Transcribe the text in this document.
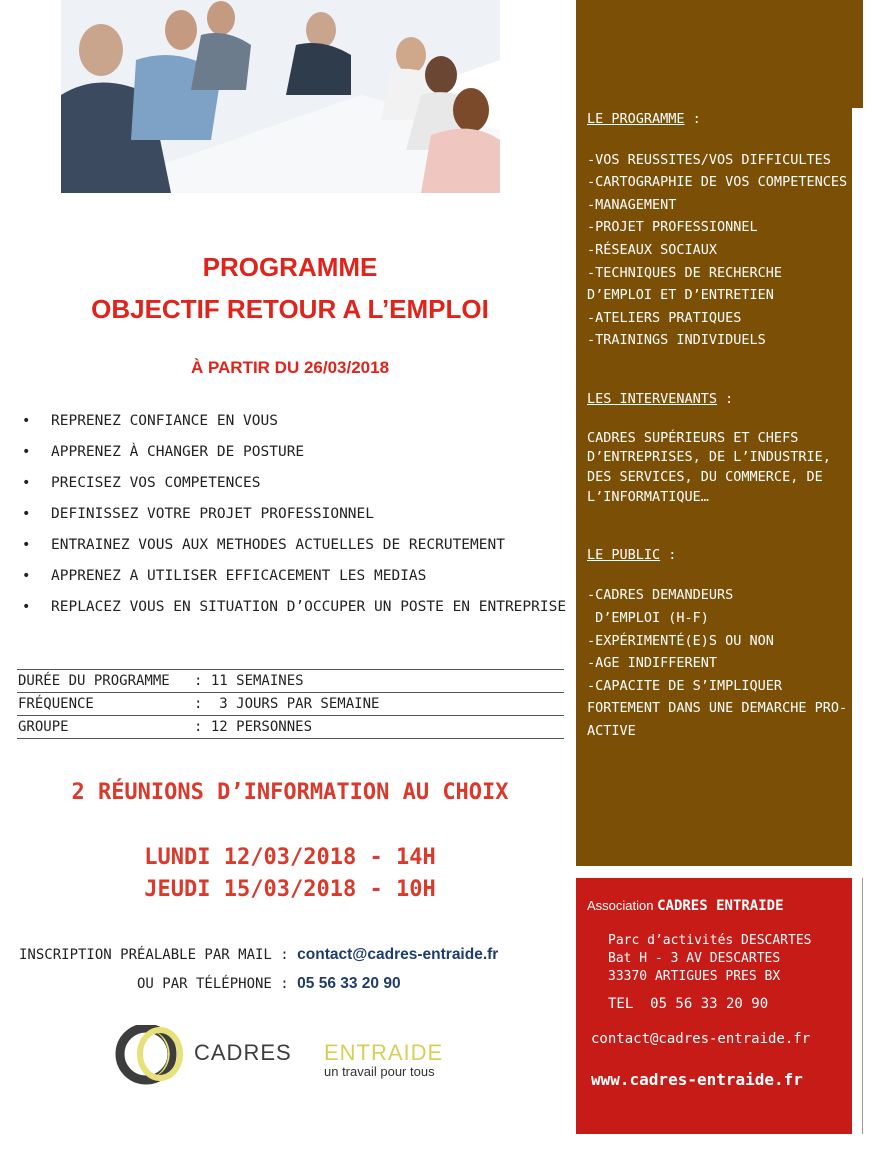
PROGRAMME
OBJECTIF RETOUR A L’EMPLOI
À PARTIR DU 26/03/2018
• REPRENEZ CONFIANCE EN VOUS
• APPRENEZ À CHANGER DE POSTURE
• PRECISEZ VOS COMPETENCES
• DEFINISSEZ VOTRE PROJET PROFESSIONNEL
• ENTRAINEZ VOUS AUX METHODES ACTUELLES DE RECRUTEMENT
• APPRENEZ A UTILISER EFFICACEMENT LES MEDIAS
• REPLACEZ VOUS EN SITUATION D’OCCUPER UN POSTE EN ENTREPRISE
DURÉE DU PROGRAMME : 11 SEMAINES
FRÉQUENCE	:  3 JOURS PAR SEMAINE
GROUPE	: 12 PERSONNES
2 RÉUNIONS D’INFORMATION AU CHOIX
LUNDI 12/03/2018 - 14H
JEUDI 15/03/2018 - 10H
INSCRIPTION PRÉALABLE PAR MAIL : contact@cadres-entraide.fr
OU PAR TÉLÉPHONE : 05 56 33 20 90
CADRES ENTRAIDE
un travail pour tous

LE PROGRAMME :

-VOS REUSSITES/VOS DIFFICULTES

-CARTOGRAPHIE DE VOS COMPETENCES

-MANAGEMENT

-PROJET PROFESSIONNEL

-RÉSEAUX SOCIAUX

-TECHNIQUES DE RECHERCHE D’EMPLOI ET D’ENTRETIEN

-ATELIERS PRATIQUES

-TRAININGS INDIVIDUELS

LES INTERVENANTS :

CADRES SUPÉRIEURS ET CHEFS D’ENTREPRISES, DE L’INDUSTRIE, DES SERVICES, DU COMMERCE, DE L’INFORMATIQUE…

LE PUBLIC :

-CADRES DEMANDEURS

D’EMPLOI (H-F)

-EXPÉRIMENTÉ(E)S OU NON

-AGE INDIFFERENT

-CAPACITE DE S’IMPLIQUER FORTEMENT DANS UNE DEMARCHE PRO-ACTIVE

Association CADRES ENTRAIDE
Parc d’activités DESCARTES
Bat H - 3 AV DESCARTES
33370 ARTIGUES PRES BX
TEL  05 56 33 20 90
contact@cadres-entraide.fr
www.cadres-entraide.fr
